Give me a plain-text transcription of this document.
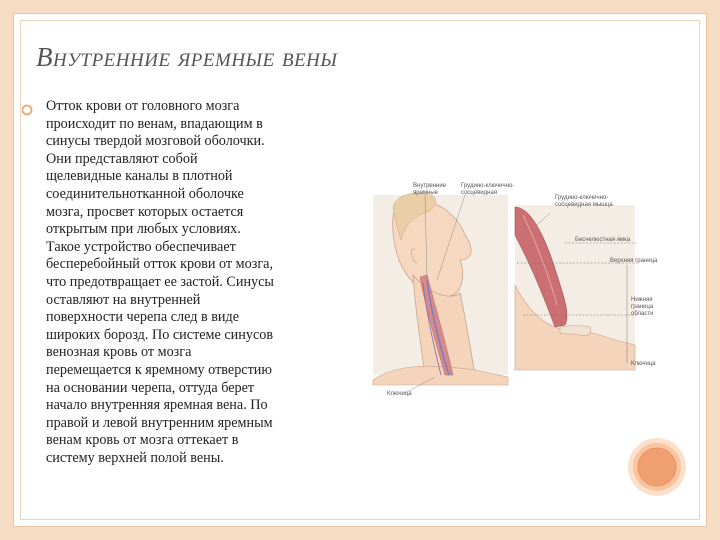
Внутренние яремные вены
Отток крови от головного мозга
происходит по венам, впадающим в
синусы твердой мозговой оболочки.
Они представляют собой
щелевидные каналы в плотной
соединительнотканной оболочке
мозга, просвет которых остается
открытым при любых условиях.
Такое устройство обеспечивает
бесперебойный отток крови от мозга,
что предотвращает ее застой. Синусы
оставляют на внутренней
поверхности черепа след в виде
широких борозд. По системе синусов
венозная кровь от мозга
перемещается к яремному отверстию
на основании черепа, оттуда берет
начало внутренняя яремная вена. По
правой и левой внутренним яремным
венам кровь от мозга оттекает в
систему верхней полой вены.
Внутренние
яремные
Грудино-ключично-
сосцевидная
Грудино-ключично-
сосцевидная мышца
Бесчелюстная ямка
Верхняя граница
Нижняя
граница
области
Ключица
Ключица
